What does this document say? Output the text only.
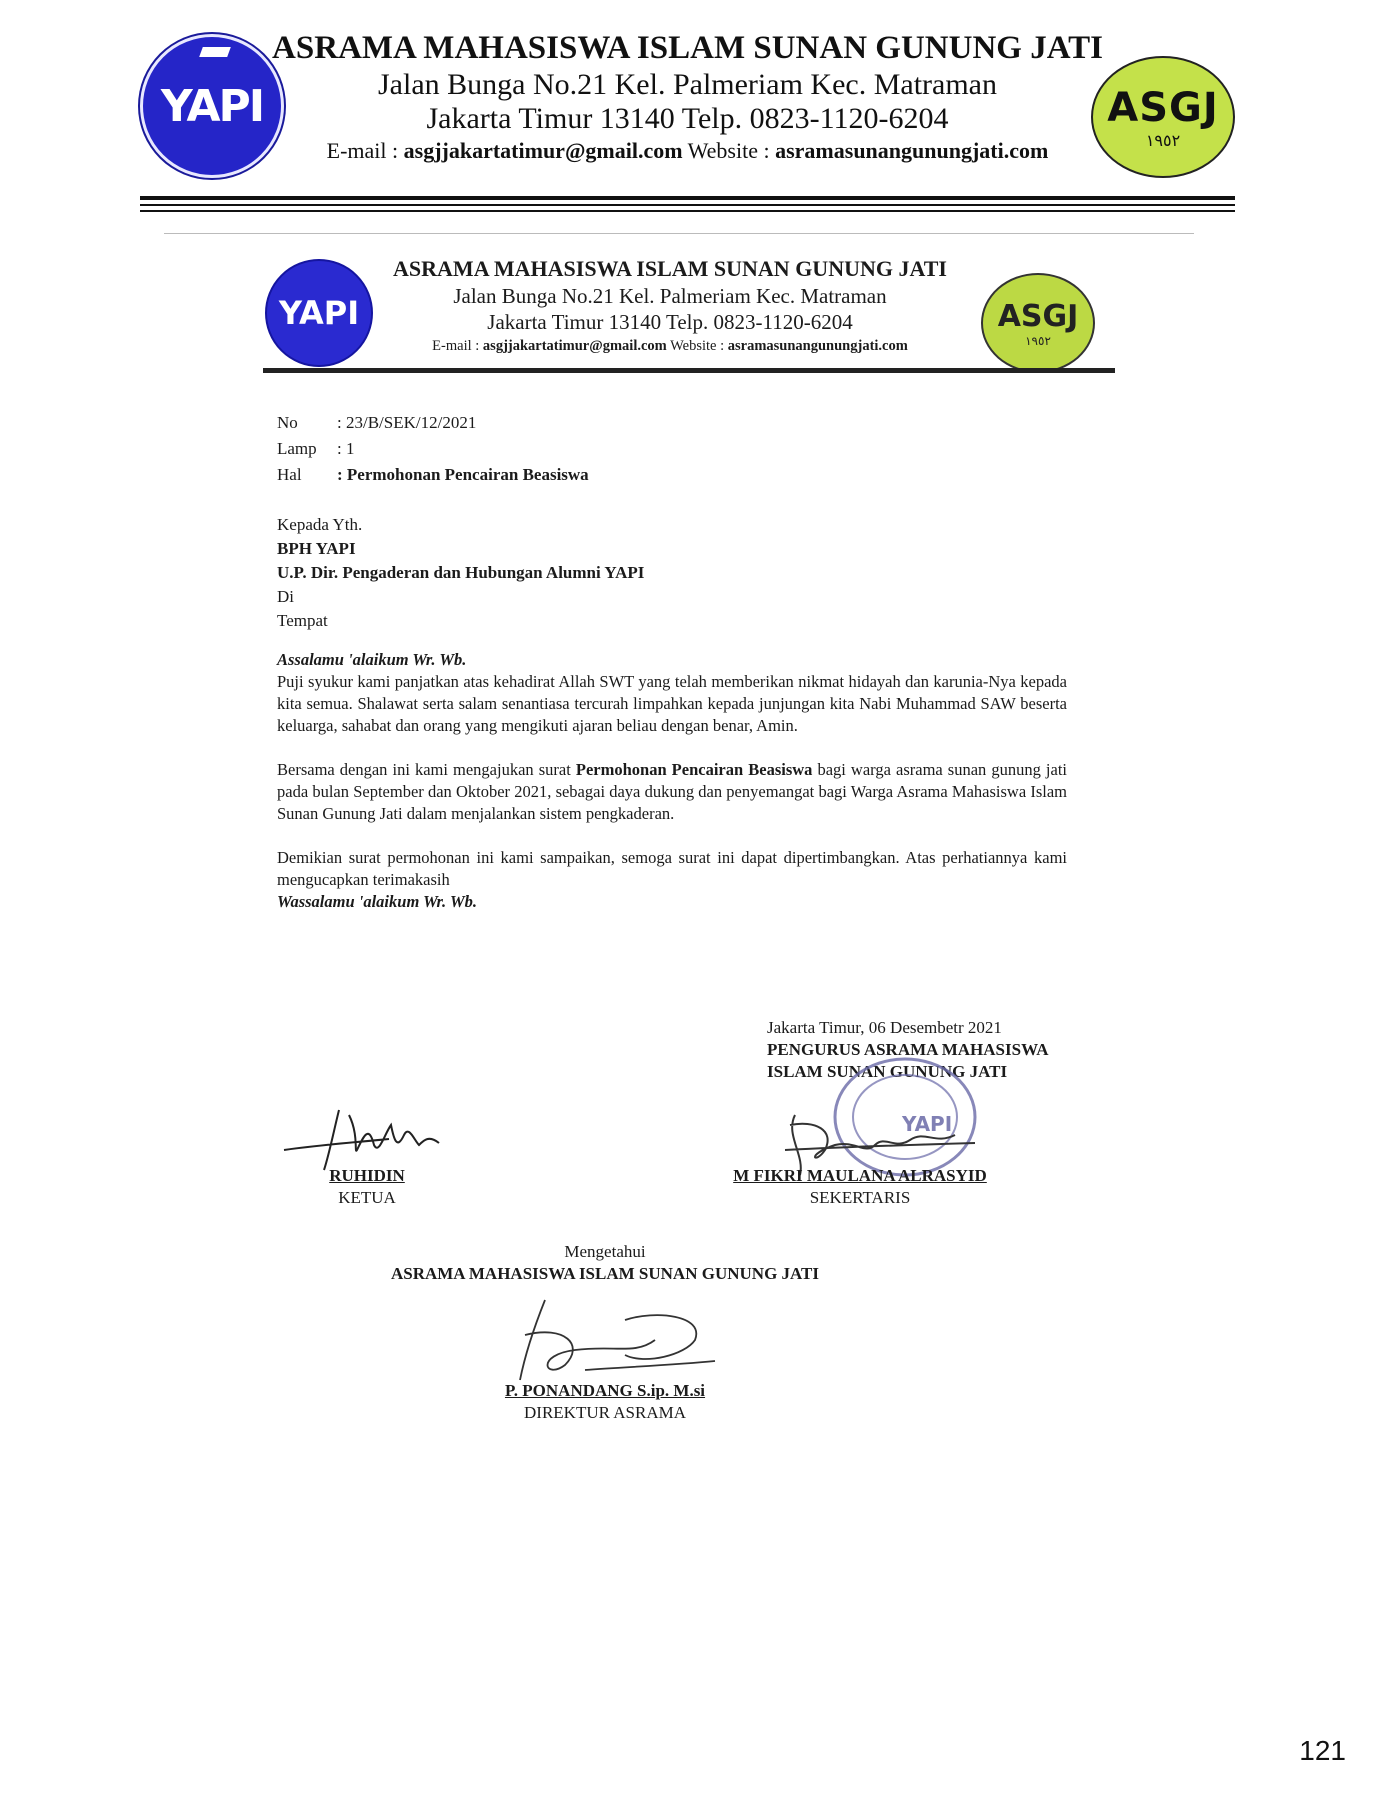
YAPI
ASRAMA MAHASISWA ISLAM SUNAN GUNUNG JATI
Jalan Bunga No.21 Kel. Palmeriam Kec. Matraman
Jakarta Timur 13140 Telp. 0823-1120-6204
E-mail : asgjjakartatimur@gmail.com Website : asramasunangunungjati.com
ASGJ
١٩٥٢
YAPI
ASRAMA MAHASISWA ISLAM SUNAN GUNUNG JATI
Jalan Bunga No.21 Kel. Palmeriam Kec. Matraman
Jakarta Timur 13140 Telp. 0823-1120-6204
E-mail : asgjjakartatimur@gmail.com Website : asramasunangunungjati.com
ASGJ
١٩٥٢
No : 23/B/SEK/12/2021
Lamp : 1
Hal : Permohonan Pencairan Beasiswa
Kepada Yth.
BPH YAPI
U.P. Dir. Pengaderan dan Hubungan Alumni YAPI
Di
Tempat

Assalamu 'alaikum Wr. Wb.

Puji syukur kami panjatkan atas kehadirat Allah SWT yang telah memberikan nikmat hidayah dan karunia-Nya kepada kita semua. Shalawat serta salam senantiasa tercurah limpahkan kepada junjungan kita Nabi Muhammad SAW beserta keluarga, sahabat dan orang yang mengikuti ajaran beliau dengan benar, Amin.

Bersama dengan ini kami mengajukan surat Permohonan Pencairan Beasiswa bagi warga asrama sunan gunung jati pada bulan September dan Oktober 2021, sebagai daya dukung dan penyemangat bagi Warga Asrama Mahasiswa Islam Sunan Gunung Jati dalam menjalankan sistem pengkaderan.

Demikian surat permohonan ini kami sampaikan, semoga surat ini dapat dipertimbangkan. Atas perhatiannya kami mengucapkan terimakasih

Wassalamu 'alaikum Wr. Wb.

Jakarta Timur, 06 Desembetr 2021
PENGURUS ASRAMA MAHASISWA
ISLAM SUNAN GUNUNG JATI
YAPI
RUHIDIN
KETUA
M FIKRI MAULANA ALRASYID
SEKERTARIS
Mengetahui
ASRAMA MAHASISWA ISLAM SUNAN GUNUNG JATI
P. PONANDANG S.ip. M.si
DIREKTUR ASRAMA
121
